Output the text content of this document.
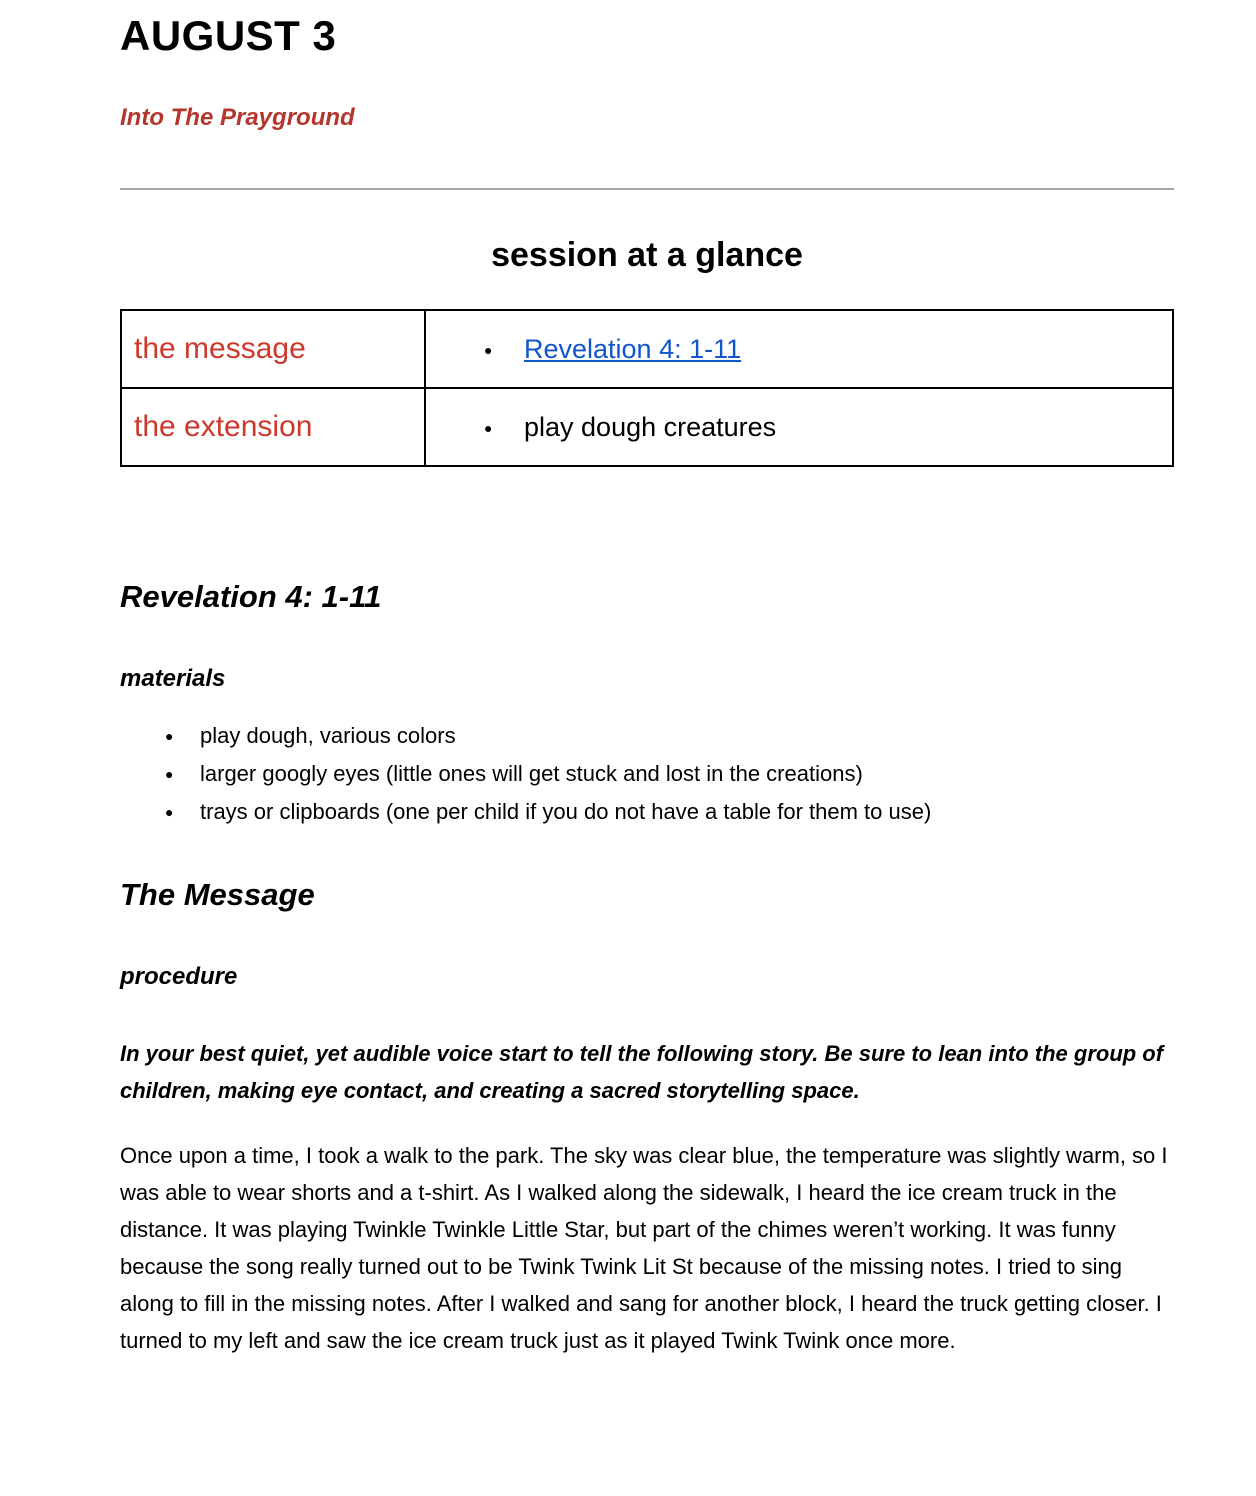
AUGUST 3

Into The Prayground

session at a glance
the message	● Revelation 4: 1-11
the extension	● play dough creatures
Revelation 4: 1-11
materials
● play dough, various colors
● larger googly eyes (little ones will get stuck and lost in the creations)
● trays or clipboards (one per child if you do not have a table for them to use)
The Message
procedure

In your best quiet, yet audible voice start to tell the following story. Be sure to lean into the group of children, making eye contact, and creating a sacred storytelling space.

Once upon a time, I took a walk to the park. The sky was clear blue, the temperature was slightly warm, so I was able to wear shorts and a t-shirt. As I walked along the sidewalk, I heard the ice cream truck in the distance. It was playing Twinkle Twinkle Little Star, but part of the chimes weren’t working. It was funny because the song really turned out to be Twink Twink Lit St because of the missing notes. I tried to sing along to fill in the missing notes. After I walked and sang for another block, I heard the truck getting closer. I turned to my left and saw the ice cream truck just as it played Twink Twink once more.
